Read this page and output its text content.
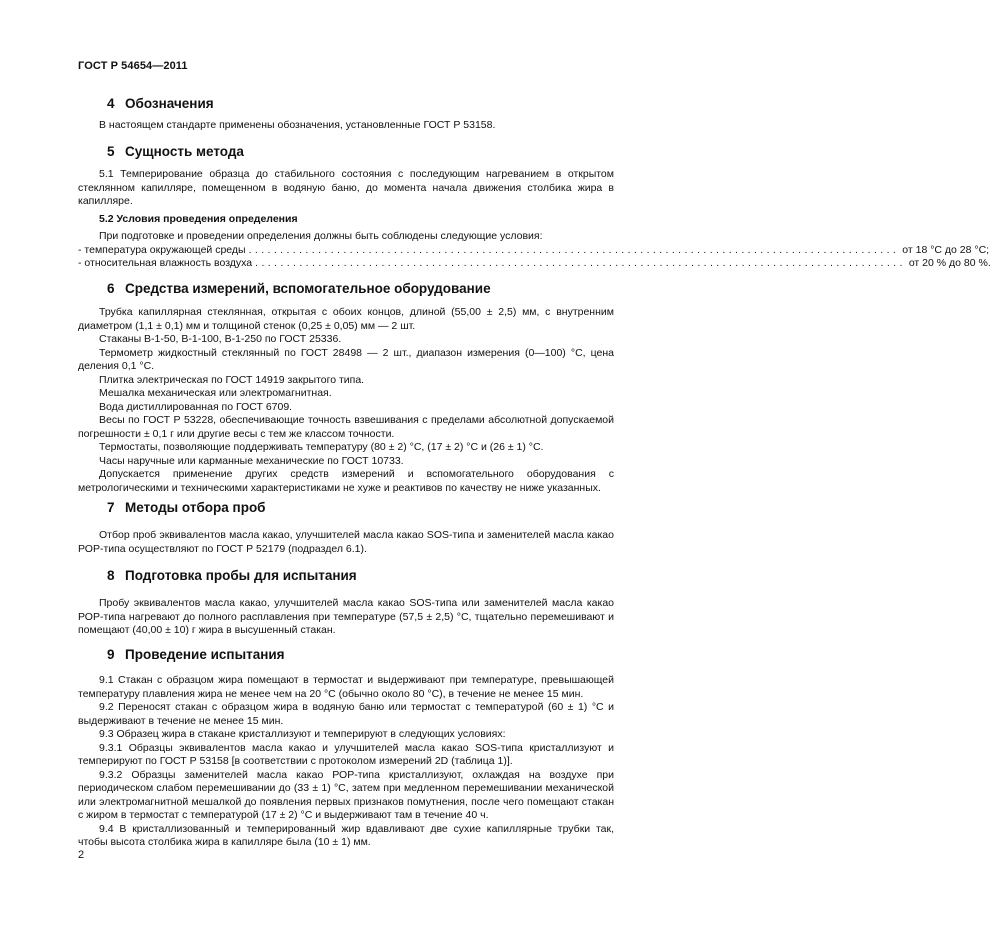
ГОСТ Р 54654—2011
4 Обозначения

В настоящем стандарте применены обозначения, установленные ГОСТ Р 53158.

5 Сущность метода

5.1 Темперирование образца до стабильного состояния с последующим нагреванием в открытом стеклянном капилляре, помещенном в водяную баню, до момента начала движения столбика жира в капилляре.

5.2 Условия проведения определения

При подготовке и проведении определения должны быть соблюдены следующие условия:

- температура окружающей среды ....................................................................................................... от 18 °С до 28 °С;
- относительная влажность воздуха ....................................................................................................... от 20 % до 80 %.
6 Средства измерений, вспомогательное оборудование

Трубка капиллярная стеклянная, открытая с обоих концов, длиной (55,00 ± 2,5) мм, с внутренним диаметром (1,1 ± 0,1) мм и толщиной стенок (0,25 ± 0,05) мм — 2 шт.

Стаканы В-1-50, В-1-100, В-1-250 по ГОСТ 25336.

Термометр жидкостный стеклянный по ГОСТ 28498 — 2 шт., диапазон измерения (0—100) °С, цена деления 0,1 °С.

Плитка электрическая по ГОСТ 14919 закрытого типа.

Мешалка механическая или электромагнитная.

Вода дистиллированная по ГОСТ 6709.

Весы по ГОСТ Р 53228, обеспечивающие точность взвешивания с пределами абсолютной допускаемой погрешности ± 0,1 г или другие весы с тем же классом точности.

Термостаты, позволяющие поддерживать температуру (80 ± 2) °С, (17 ± 2) °С и (26 ± 1) °С.

Часы наручные или карманные механические по ГОСТ 10733.

Допускается применение других средств измерений и вспомогательного оборудования с метрологическими и техническими характеристиками не хуже и реактивов по качеству не ниже указанных.

7 Методы отбора проб

Отбор проб эквивалентов масла какао, улучшителей масла какао SOS-типа и заменителей масла какао РОР-типа осуществляют по ГОСТ Р 52179 (подраздел 6.1).

8 Подготовка пробы для испытания

Пробу эквивалентов масла какао, улучшителей масла какао SOS-типа или заменителей масла какао РОР-типа нагревают до полного расплавления при температуре (57,5 ± 2,5) °С, тщательно перемешивают и помещают (40,00 ± 10) г жира в высушенный стакан.

9 Проведение испытания

9.1 Стакан с образцом жира помещают в термостат и выдерживают при температуре, превышающей температуру плавления жира не менее чем на 20 °С (обычно около 80 °С), в течение не менее 15 мин.

9.2 Переносят стакан с образцом жира в водяную баню или термостат с температурой (60 ± 1) °С и выдерживают в течение не менее 15 мин.

9.3 Образец жира в стакане кристаллизуют и темперируют в следующих условиях:

9.3.1 Образцы эквивалентов масла какао и улучшителей масла какао SOS-типа кристаллизуют и темперируют по ГОСТ Р 53158 [в соответствии с протоколом измерений 2D (таблица 1)].

9.3.2 Образцы заменителей масла какао РОР-типа кристаллизуют, охлаждая на воздухе при периодическом слабом перемешивании до (33 ± 1) °С, затем при медленном перемешивании механической или электромагнитной мешалкой до появления первых признаков помутнения, после чего помещают стакан с жиром в термостат с температурой (17 ± 2) °С и выдерживают там в течение 40 ч.

9.4 В кристаллизованный и темперированный жир вдавливают две сухие капиллярные трубки так, чтобы высота столбика жира в капилляре была (10 ± 1) мм.

2
